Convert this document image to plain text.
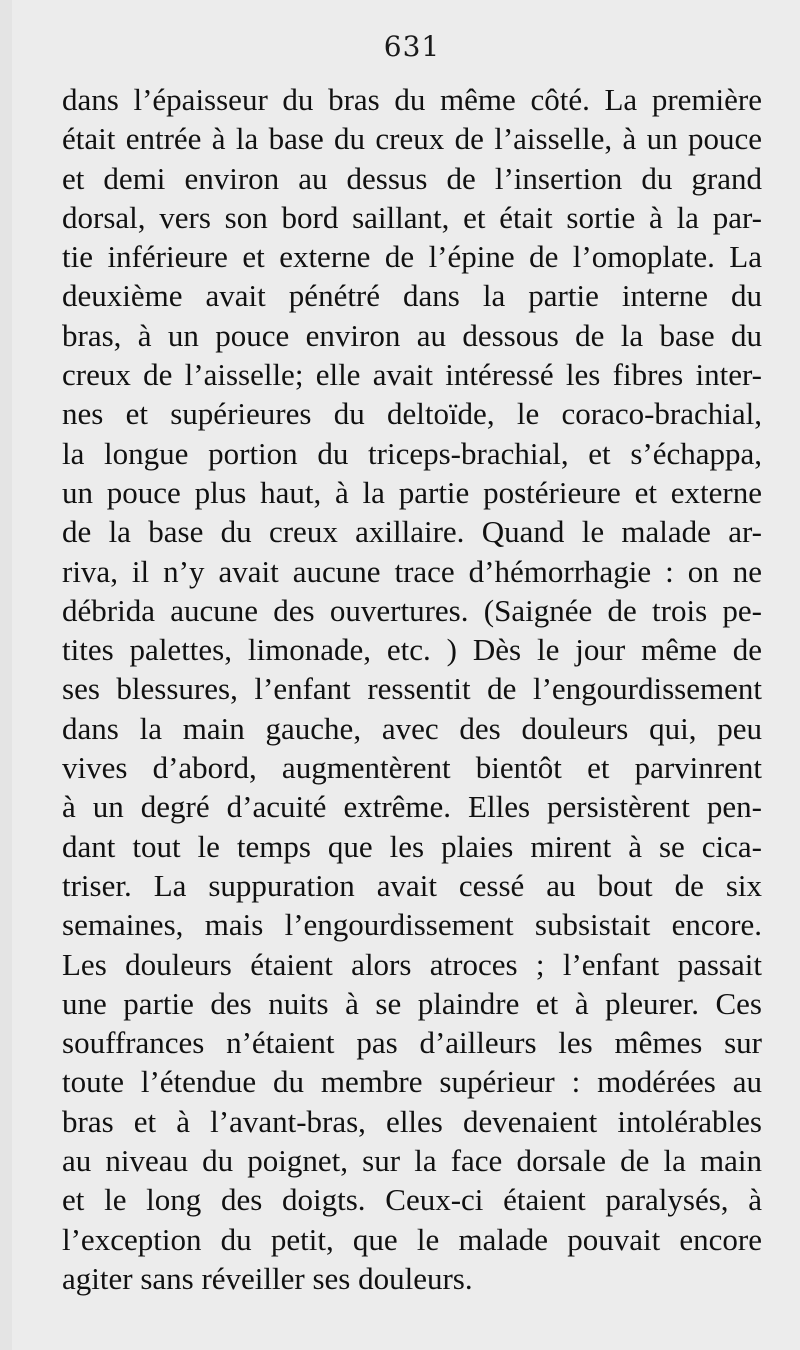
631
dans l’épaisseur du bras du même côté. La première
était entrée à la base du creux de l’aisselle, à un pouce
et demi environ au dessus de l’insertion du grand
dorsal, vers son bord saillant, et était sortie à la par-
tie inférieure et externe de l’épine de l’omoplate. La
deuxième avait pénétré dans la partie interne du
bras, à un pouce environ au dessous de la base du
creux de l’aisselle; elle avait intéressé les fibres inter-
nes et supérieures du deltoïde, le coraco-brachial,
la longue portion du triceps-brachial, et s’échappa,
un pouce plus haut, à la partie postérieure et externe
de la base du creux axillaire. Quand le malade ar-
riva, il n’y avait aucune trace d’hémorrhagie : on ne
débrida aucune des ouvertures. (Saignée de trois pe-
tites palettes, limonade, etc. ) Dès le jour même de
ses blessures, l’enfant ressentit de l’engourdissement
dans la main gauche, avec des douleurs qui, peu
vives d’abord, augmentèrent bientôt et parvinrent
à un degré d’acuité extrême. Elles persistèrent pen-
dant tout le temps que les plaies mirent à se cica-
triser. La suppuration avait cessé au bout de six
semaines, mais l’engourdissement subsistait encore.
Les douleurs étaient alors atroces ; l’enfant passait
une partie des nuits à se plaindre et à pleurer. Ces
souffrances n’étaient pas d’ailleurs les mêmes sur
toute l’étendue du membre supérieur : modérées au
bras et à l’avant-bras, elles devenaient intolérables
au niveau du poignet, sur la face dorsale de la main
et le long des doigts. Ceux-ci étaient paralysés, à
l’exception du petit, que le malade pouvait encore
agiter sans réveiller ses douleurs.
